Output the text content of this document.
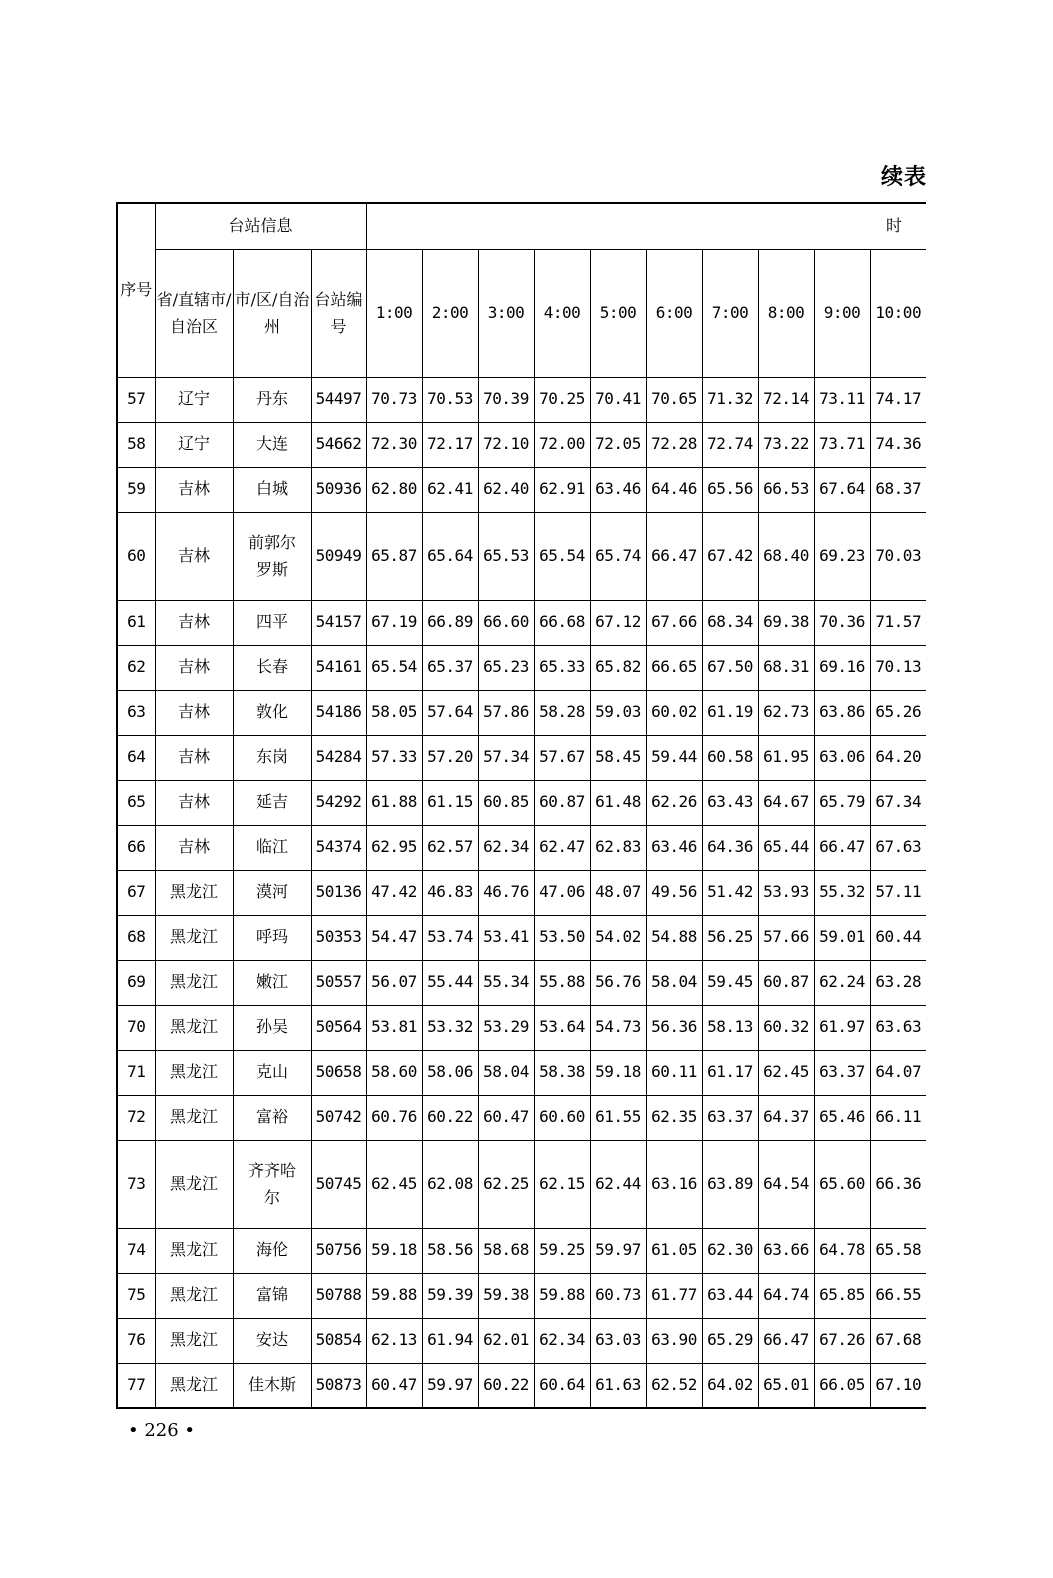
续表
序号	台站信息			时									
	省/直辖市/自治区	市/区/自治州	台站编号	1:00	2:00	3:00	4:00	5:00	6:00	7:00	8:00	9:00	10:00
57	辽宁	丹东	54497	70.73	70.53	70.39	70.25	70.41	70.65	71.32	72.14	73.11	74.17
58	辽宁	大连	54662	72.30	72.17	72.10	72.00	72.05	72.28	72.74	73.22	73.71	74.36
59	吉林	白城	50936	62.80	62.41	62.40	62.91	63.46	64.46	65.56	66.53	67.64	68.37
60	吉林	前郭尔罗斯	50949	65.87	65.64	65.53	65.54	65.74	66.47	67.42	68.40	69.23	70.03
61	吉林	四平	54157	67.19	66.89	66.60	66.68	67.12	67.66	68.34	69.38	70.36	71.57
62	吉林	长春	54161	65.54	65.37	65.23	65.33	65.82	66.65	67.50	68.31	69.16	70.13
63	吉林	敦化	54186	58.05	57.64	57.86	58.28	59.03	60.02	61.19	62.73	63.86	65.26
64	吉林	东岗	54284	57.33	57.20	57.34	57.67	58.45	59.44	60.58	61.95	63.06	64.20
65	吉林	延吉	54292	61.88	61.15	60.85	60.87	61.48	62.26	63.43	64.67	65.79	67.34
66	吉林	临江	54374	62.95	62.57	62.34	62.47	62.83	63.46	64.36	65.44	66.47	67.63
67	黑龙江	漠河	50136	47.42	46.83	46.76	47.06	48.07	49.56	51.42	53.93	55.32	57.11
68	黑龙江	呼玛	50353	54.47	53.74	53.41	53.50	54.02	54.88	56.25	57.66	59.01	60.44
69	黑龙江	嫩江	50557	56.07	55.44	55.34	55.88	56.76	58.04	59.45	60.87	62.24	63.28
70	黑龙江	孙吴	50564	53.81	53.32	53.29	53.64	54.73	56.36	58.13	60.32	61.97	63.63
71	黑龙江	克山	50658	58.60	58.06	58.04	58.38	59.18	60.11	61.17	62.45	63.37	64.07
72	黑龙江	富裕	50742	60.76	60.22	60.47	60.60	61.55	62.35	63.37	64.37	65.46	66.11
73	黑龙江	齐齐哈尔	50745	62.45	62.08	62.25	62.15	62.44	63.16	63.89	64.54	65.60	66.36
74	黑龙江	海伦	50756	59.18	58.56	58.68	59.25	59.97	61.05	62.30	63.66	64.78	65.58
75	黑龙江	富锦	50788	59.88	59.39	59.38	59.88	60.73	61.77	63.44	64.74	65.85	66.55
76	黑龙江	安达	50854	62.13	61.94	62.01	62.34	63.03	63.90	65.29	66.47	67.26	67.68
77	黑龙江	佳木斯	50873	60.47	59.97	60.22	60.64	61.63	62.52	64.02	65.01	66.05	67.10
• 226 •
